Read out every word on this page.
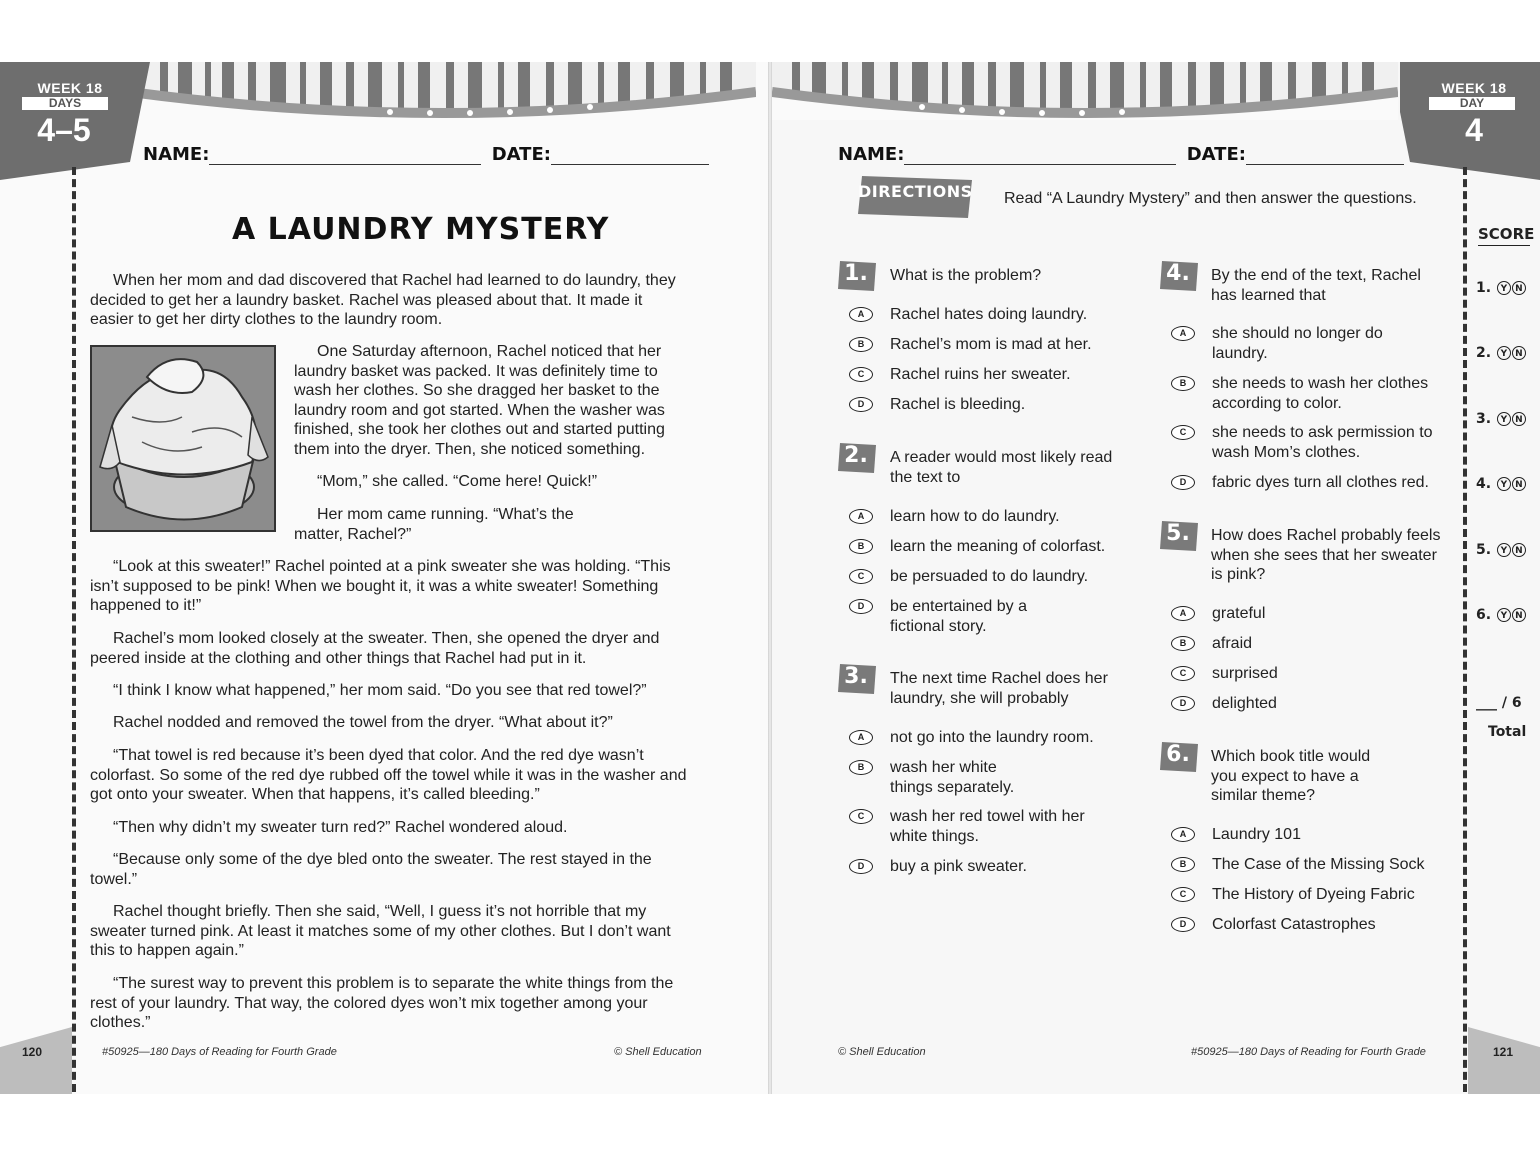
WEEK 18
DAYS
4–5
NAME:	DATE:
A LAUNDRY MYSTERY

When her mom and dad discovered that Rachel had learned to do laundry, they decided to get her a laundry basket. Rachel was pleased about that. It made it easier to get her dirty clothes to the laundry room.

One Saturday afternoon, Rachel noticed that her laundry basket was packed. It was definitely time to wash her clothes. So she dragged her basket to the laundry room and got started. When the washer was finished, she took her clothes out and started putting them into the dryer. Then, she noticed something.

“Mom,” she called. “Come here! Quick!”

Her mom came running. “What’s the matter, Rachel?”

“Look at this sweater!” Rachel pointed at a pink sweater she was holding. “This isn’t supposed to be pink! When we bought it, it was a white sweater! Something happened to it!”

Rachel’s mom looked closely at the sweater. Then, she opened the dryer and peered inside at the clothing and other things that Rachel had put in it.

“I think I know what happened,” her mom said. “Do you see that red towel?”

Rachel nodded and removed the towel from the dryer. “What about it?”

“That towel is red because it’s been dyed that color. And the red dye wasn’t colorfast. So some of the red dye rubbed off the towel while it was in the washer and got onto your sweater. When that happens, it’s called bleeding.”

“Then why didn’t my sweater turn red?” Rachel wondered aloud.

“Because only some of the dye bled onto the sweater. The rest stayed in the towel.”

Rachel thought briefly. Then she said, “Well, I guess it’s not horrible that my sweater turned pink. At least it matches some of my other clothes. But I don’t want this to happen again.”

“The surest way to prevent this problem is to separate the white things from the rest of your laundry. That way, the colored dyes won’t mix together among your clothes.”

120	#50925—180 Days of Reading for Fourth Grade	© Shell Education
WEEK 18
DAY
4
NAME:	DATE:
DIRECTIONS Read “A Laundry Mystery” and then answer the questions.
1.	What is the problem?

A	Rachel hates doing laundry.
B	Rachel’s mom is mad at her.
C	Rachel ruins her sweater.
D	Rachel is bleeding.
2.	A reader would most likely read the text to

A	learn how to do laundry.
B	learn the meaning of colorfast.
C	be persuaded to do laundry.
D	be entertained by a fictional story.
3.	The next time Rachel does her laundry, she will probably

A	not go into the laundry room.
B	wash her white things separately.
C	wash her red towel with her white things.
D	buy a pink sweater.
4.	By the end of the text, Rachel has learned that

A	she should no longer do laundry.
B	she needs to wash her clothes according to color.
C	she needs to ask permission to wash Mom’s clothes.
D	fabric dyes turn all clothes red.
5.	How does Rachel probably feels when she sees that her sweater is pink?

A	grateful
B	afraid
C	surprised
D	delighted
6.	Which book title would you expect to have a similar theme?

A	Laundry 101
B	The Case of the Missing Sock
C	The History of Dyeing Fabric
D	Colorfast Catastrophes
SCORE
1. Y N
2. Y N
3. Y N
4. Y N
5. Y N
6. Y N
___ / 6
Total
121
© Shell Education	#50925—180 Days of Reading for Fourth Grade
